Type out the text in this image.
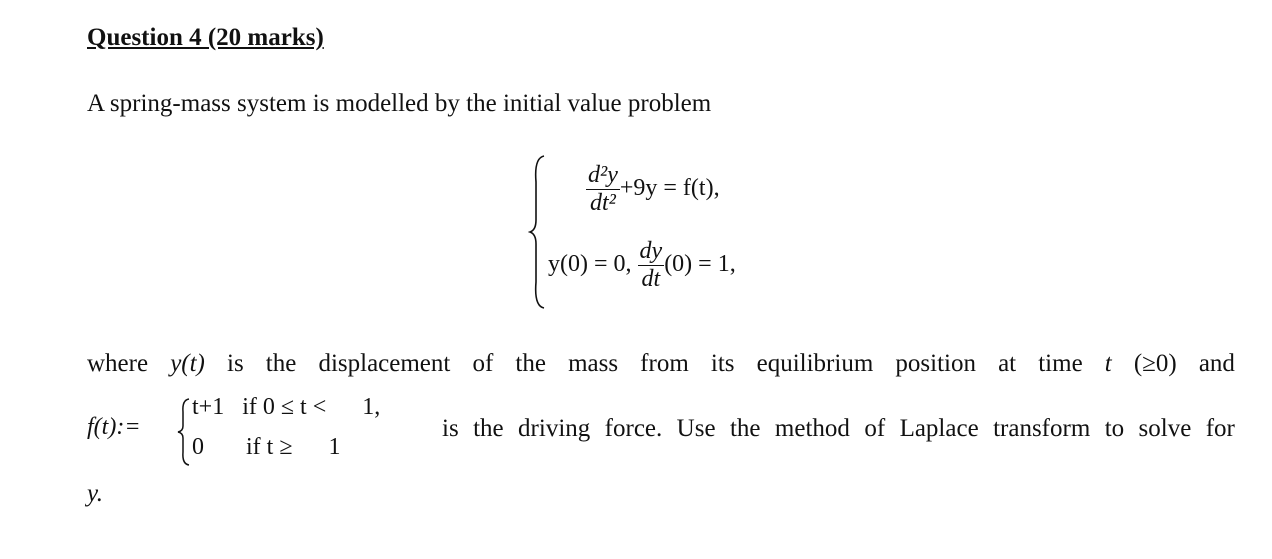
Question 4 (20 marks)
A spring-mass system is modelled by the initial value problem
$\frac{\text{d²y}}{\text{dt²}} +9y = f(t)$,
y(0) = 0, $\frac{dy}{dt} (0) = 1$,
where y(t) is the displacement of the mass from its equilibrium position at time t (≥0) and
f(t):=
t+1   if 0 ≤ t <      1,
0       if t ≥      1
is the driving force. Use the method of Laplace transform to solve for
y.
